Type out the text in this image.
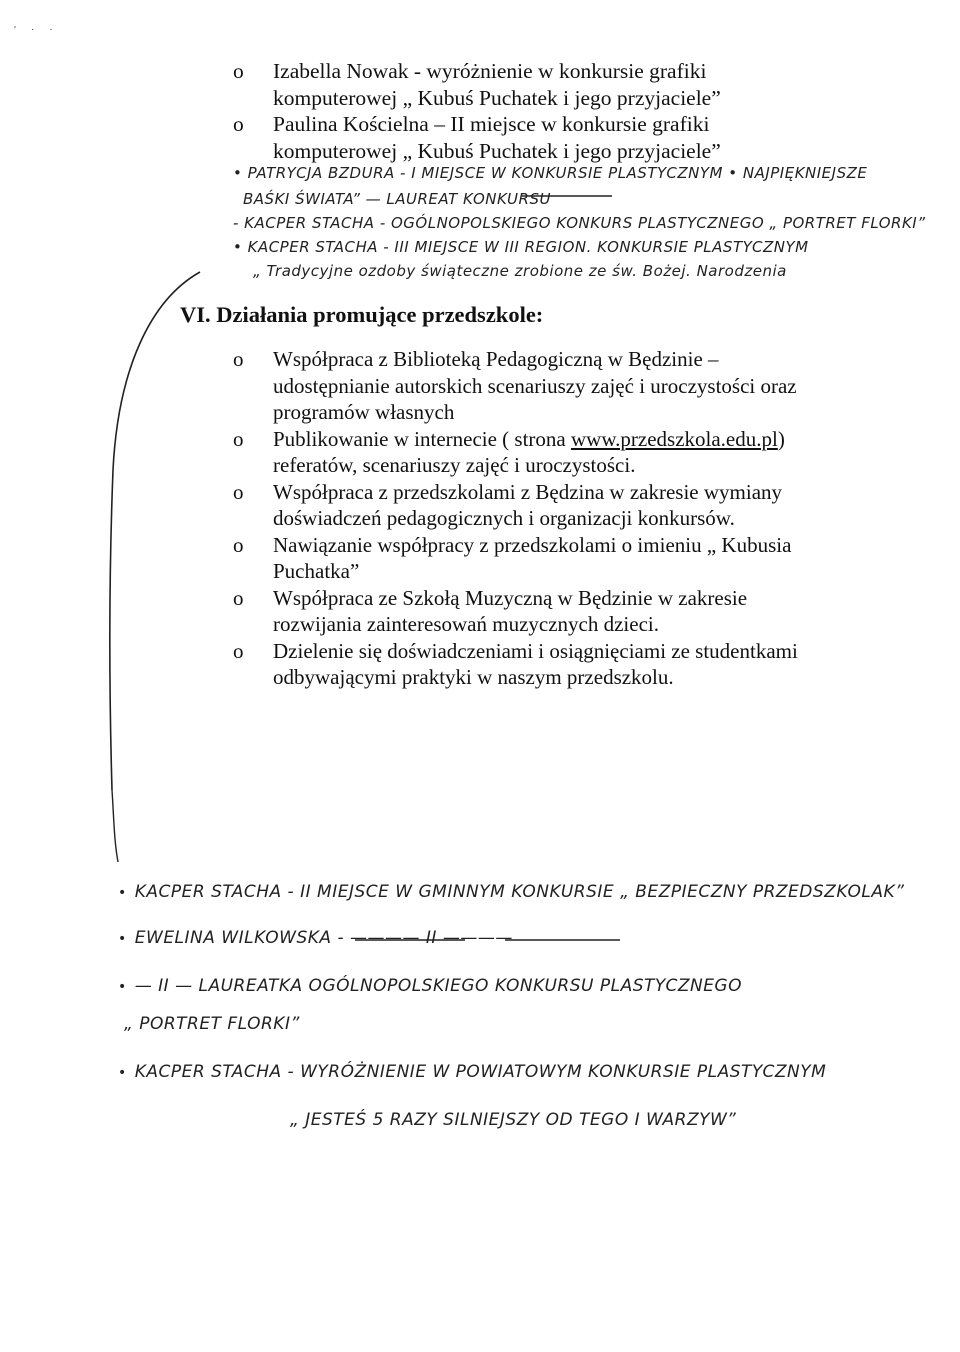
' · ·
o Izabella Nowak - wyróżnienie w konkursie grafiki komputerowej „ Kubuś Puchatek i jego przyjaciele”
o Paulina Kościelna – II miejsce w konkursie grafiki komputerowej „ Kubuś Puchatek i jego przyjaciele”
• PATRYCJA BZDURA - I MIEJSCE W KONKURSIE PLASTYCZNYM • NAJPIĘKNIEJSZE
BAŚKI ŚWIATA” — LAUREAT KONKURSU
- KACPER STACHA - OGÓLNOPOLSKIEGO KONKURS PLASTYCZNEGO „ PORTRET FLORKI”
• KACPER STACHA - III MIEJSCE W III REGION. KONKURSIE PLASTYCZNYM
„ Tradycyjne ozdoby świąteczne zrobione ze św. Bożej. Narodzenia
VI. Działania promujące przedszkole:
o Współpraca z Biblioteką Pedagogiczną w Będzinie – udostępnianie autorskich scenariuszy zajęć i uroczystości oraz programów własnych
o Publikowanie w internecie ( strona www.przedszkola.edu.pl) referatów, scenariuszy zajęć i uroczystości.
o Współpraca z przedszkolami z Będzina w zakresie wymiany doświadczeń pedagogicznych i organizacji konkursów.
o Nawiązanie współpracy z przedszkolami o imieniu „ Kubusia Puchatka”
o Współpraca ze Szkołą Muzyczną w Będzinie w zakresie rozwijania zainteresowań muzycznych dzieci.
o Dzielenie się doświadczeniami i osiągnięciami ze studentkami odbywającymi praktyki w naszym przedszkolu.
• KACPER STACHA - II MIEJSCE W GMINNYM KONKURSIE „ BEZPIECZNY PRZEDSZKOLAK”
• EWELINA WILKOWSKA - ———— II ————
• — II — LAUREATKA OGÓLNOPOLSKIEGO KONKURSU PLASTYCZNEGO
„ PORTRET FLORKI”
• KACPER STACHA - WYRÓŻNIENIE W POWIATOWYM KONKURSIE PLASTYCZNYM
„ JESTEŚ 5 RAZY SILNIEJSZY OD TEGO I WARZYW”
